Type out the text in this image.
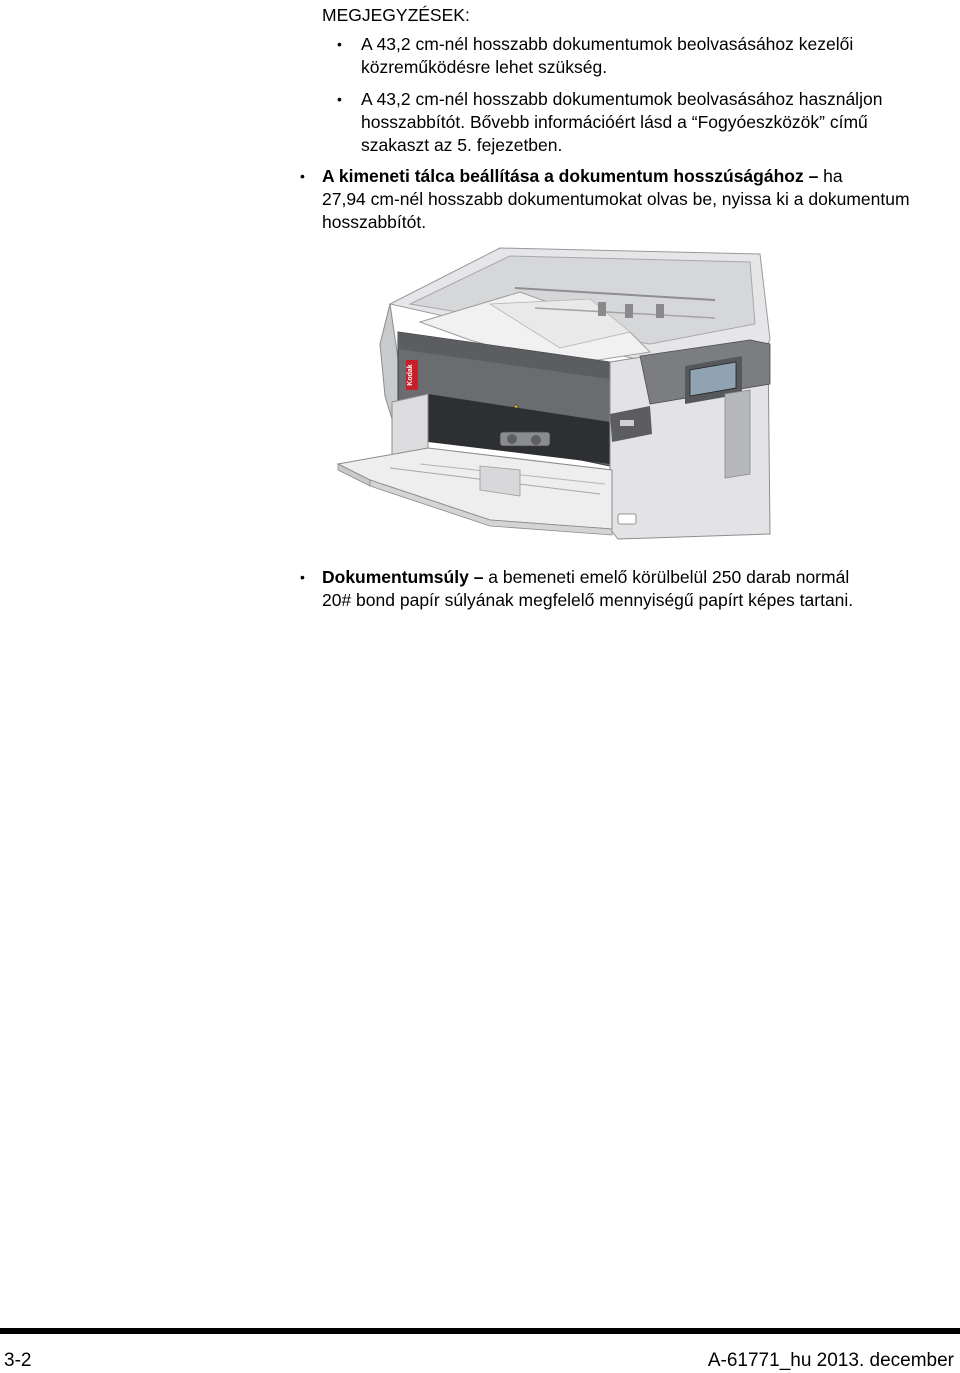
MEGJEGYZÉSEK:
• A 43,2 cm-nél hosszabb dokumentumok beolvasásához kezelői
közreműködésre lehet szükség.
• A 43,2 cm-nél hosszabb dokumentumok beolvasásához használjon
hosszabbítót. Bővebb információért lásd a “Fogyóeszközök” című
szakaszt az 5. fejezetben.
• A kimeneti tálca beállítása a dokumentum hosszúságához – ha
27,94 cm-nél hosszabb dokumentumokat olvas be, nyissa ki a dokumentum
hosszabbítót.
Kodak
• Dokumentumsúly – a bemeneti emelő körülbelül 250 darab normál
20# bond papír súlyának megfelelő mennyiségű papírt képes tartani.
3-2	A-61771_hu 2013. december
